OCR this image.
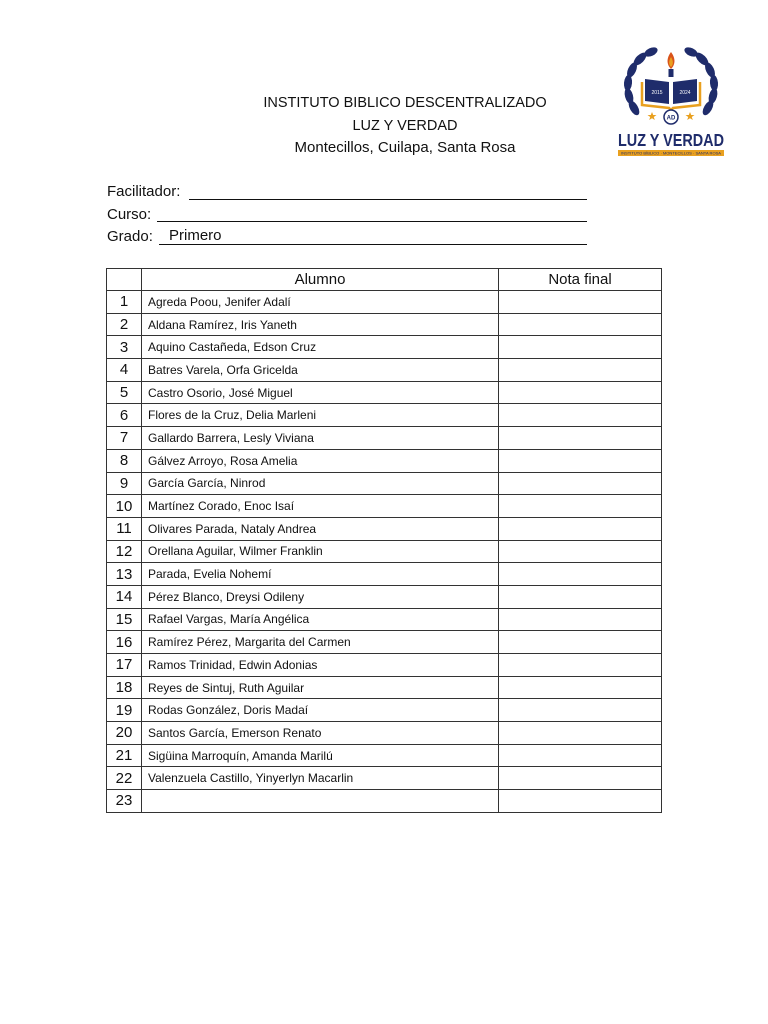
INSTITUTO BIBLICO DESCENTRALIZADO
LUZ Y VERDAD
Montecillos, Cuilapa, Santa Rosa
2015	2024
AD
LUZ Y VERDAD
INSTITUTO BÍBLICO · MONTECILLOS · SANTA ROSA
Facilitador:
Curso:
Grado: Primero
	Alumno	Nota final
1	Agreda Poou, Jenifer Adalí	
2	Aldana Ramírez, Iris Yaneth	
3	Aquino Castañeda, Edson Cruz	
4	Batres Varela, Orfa Gricelda	
5	Castro Osorio, José Miguel	
6	Flores de la Cruz, Delia Marleni	
7	Gallardo Barrera, Lesly Viviana	
8	Gálvez Arroyo, Rosa Amelia	
9	García García, Ninrod	
10	Martínez Corado, Enoc Isaí	
11	Olivares Parada, Nataly Andrea	
12	Orellana Aguilar, Wilmer Franklin	
13	Parada, Evelia Nohemí	
14	Pérez Blanco, Dreysi Odileny	
15	Rafael Vargas, María Angélica	
16	Ramírez Pérez, Margarita del Carmen	
17	Ramos Trinidad, Edwin Adonias	
18	Reyes de Sintuj, Ruth Aguilar	
19	Rodas González, Doris Madaí	
20	Santos García, Emerson Renato	
21	Sigüina Marroquín, Amanda Marilú	
22	Valenzuela Castillo, Yinyerlyn Macarlin	
23		
